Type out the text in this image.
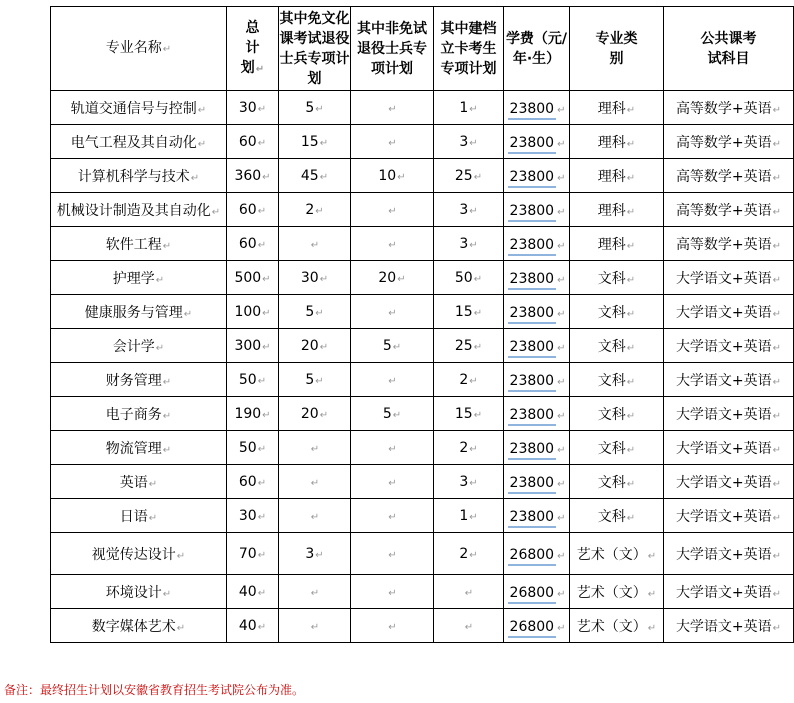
专业名称↵	总计划↵	其中免文化课考试退役士兵专项计划	其中非免试退役士兵专项计划	其中建档立卡考生专项计划	学费（元/年·生）	专业类别	公共课考试科目
轨道交通信号与控制↵	30↵	5↵	↵	1↵	23800 ↵	理科↵	高等数学+英语↵
电气工程及其自动化↵	60↵	15↵	↵	3↵	23800 ↵	理科↵	高等数学+英语↵
计算机科学与技术↵	360↵	45↵	10↵	25↵	23800 ↵	理科↵	高等数学+英语↵
机械设计制造及其自动化↵	60↵	2↵	↵	3↵	23800 ↵	理科↵	高等数学+英语↵
软件工程↵	60↵	↵	↵	3↵	23800 ↵	理科↵	高等数学+英语↵
护理学↵	500↵	30↵	20↵	50↵	23800 ↵	文科↵	大学语文+英语↵
健康服务与管理↵	100↵	5↵	↵	15↵	23800 ↵	文科↵	大学语文+英语↵
会计学↵	300↵	20↵	5↵	25↵	23800 ↵	文科↵	大学语文+英语↵
财务管理↵	50↵	5↵	↵	2↵	23800 ↵	文科↵	大学语文+英语↵
电子商务↵	190↵	20↵	5↵	15↵	23800 ↵	文科↵	大学语文+英语↵
物流管理↵	50↵	↵	↵	2↵	23800 ↵	文科↵	大学语文+英语↵
英语↵	60↵	↵	↵	3↵	23800 ↵	文科↵	大学语文+英语↵
日语↵	30↵	↵	↵	1↵	23800 ↵	文科↵	大学语文+英语↵
视觉传达设计↵	70↵	3↵	↵	2↵	26800 ↵	艺术（文）↵	大学语文+英语↵
环境设计↵	40↵	↵	↵	↵	26800 ↵	艺术（文）↵	大学语文+英语↵
数字媒体艺术↵	40↵	↵	↵	↵	26800 ↵	艺术（文）↵	大学语文+英语↵
备注：最终招生计划以安徽省教育招生考试院公布为准。
